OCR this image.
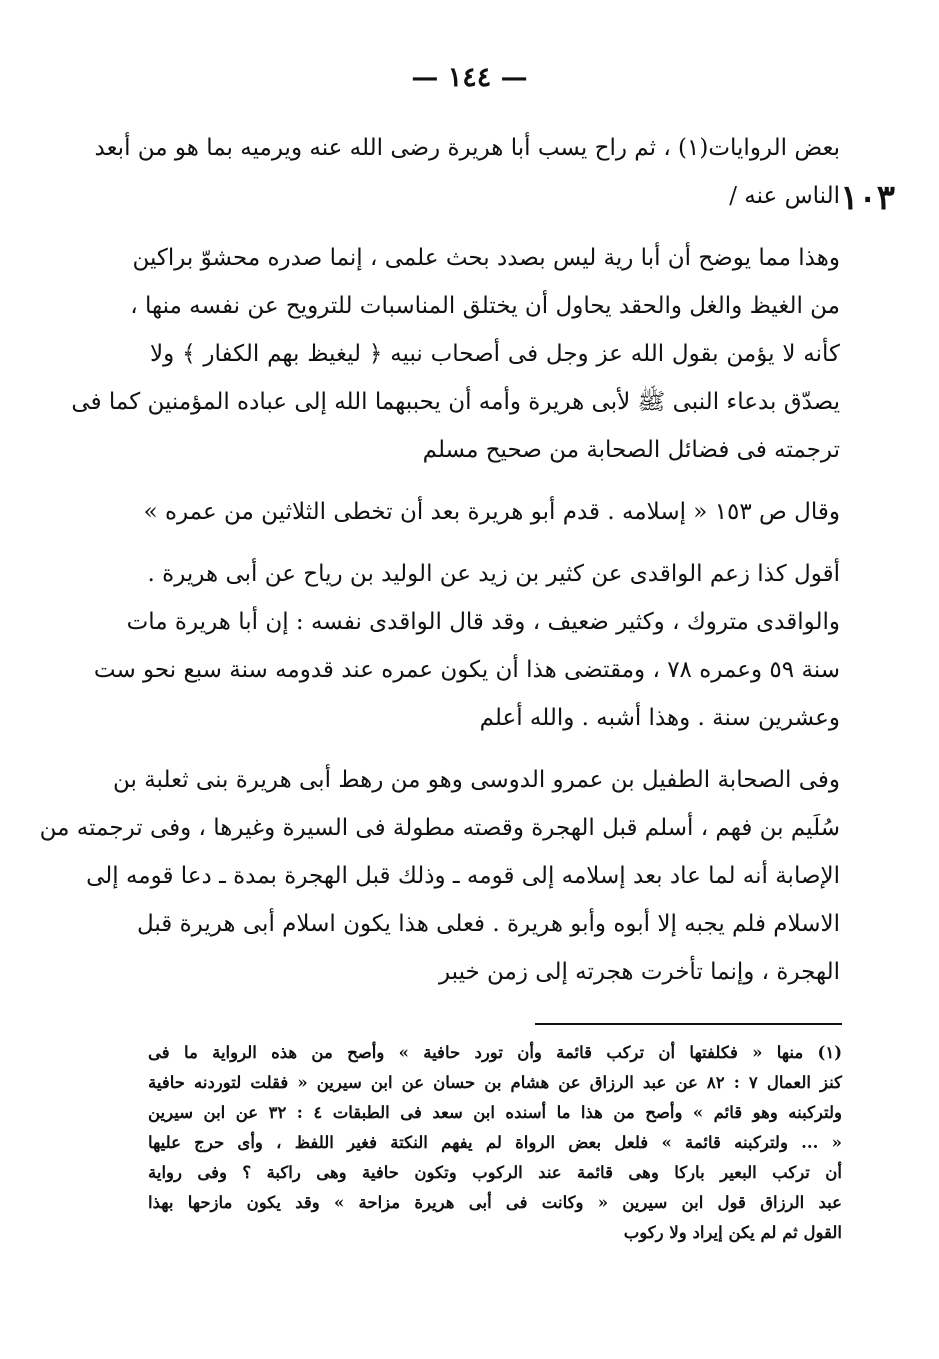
— ١٤٤ —
١٠٣
بعض الروايات(١) ، ثم راح يسب أبا هريرة رضى الله عنه ويرميه بما هو من أبعد
الناس عنه /
وهذا مما يوضح أن أبا رية ليس بصدد بحث علمى ، إنما صدره محشوّ براكين
من الغيظ والغل والحقد يحاول أن يختلق المناسبات للترويح عن نفسه منها ،
كأنه لا يؤمن بقول الله عز وجل فى أصحاب نبيه ﴿ ليغيظ بهم الكفار ﴾ ولا
يصدّق بدعاء النبى ﷺ لأبى هريرة وأمه أن يحببهما الله إلى عباده المؤمنين كما فى
ترجمته فى فضائل الصحابة من صحيح مسلم
وقال ص ١٥٣ « إسلامه . قدم أبو هريرة بعد أن تخطى الثلاثين من عمره »
أقول كذا زعم الواقدى عن كثير بن زيد عن الوليد بن رياح عن أبى هريرة .
والواقدى متروك ، وكثير ضعيف ، وقد قال الواقدى نفسه : إن أبا هريرة مات
سنة ٥٩ وعمره ٧٨ ، ومقتضى هذا أن يكون عمره عند قدومه سنة سبع نحو ست
وعشرين سنة . وهذا أشبه . والله أعلم
وفى الصحابة الطفيل بن عمرو الدوسى وهو من رهط أبى هريرة بنى ثعلبة بن
سُلَيم بن فهم ، أسلم قبل الهجرة وقصته مطولة فى السيرة وغيرها ، وفى ترجمته من
الإصابة أنه لما عاد بعد إسلامه إلى قومه ـ وذلك قبل الهجرة بمدة ـ دعا قومه إلى
الاسلام فلم يجبه إلا أبوه وأبو هريرة . فعلى هذا يكون اسلام أبى هريرة قبل
الهجرة ، وإنما تأخرت هجرته إلى زمن خيبر
(١) منها « فكلفتها أن تركب قائمة وأن تورد حافية » وأصح من هذه الرواية ما فى
كنز العمال ٧ : ٨٢ عن عبد الرزاق عن هشام بن حسان عن ابن سيرين « فقلت لتوردنه حافية
ولتركبنه وهو قائم » وأصح من هذا ما أسنده ابن سعد فى الطبقات ٤ : ٣٢ عن ابن سيرين
« ... ولتركبنه قائمة » فلعل بعض الرواة لم يفهم النكتة فغير اللفظ ، وأى حرج عليها
أن تركب البعير باركا وهى قائمة عند الركوب وتكون حافية وهى راكبة ؟ وفى رواية
عبد الرزاق قول ابن سيرين « وكانت فى أبى هريرة مزاحة » وقد يكون مازحها بهذا
القول ثم لم يكن إيراد ولا ركوب
